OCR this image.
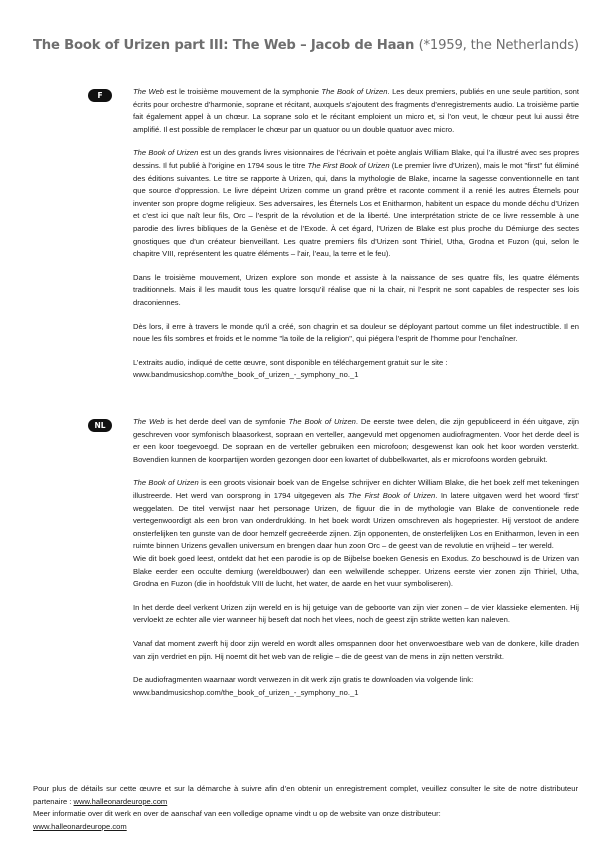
The Book of Urizen part III: The Web – Jacob de Haan (*1959, the Netherlands)
F	The Web est le troisième mouvement de la symphonie The Book of Urizen. Les deux premiers, publiés en une seule partition, sont écrits pour orchestre d’harmonie, soprane et récitant, auxquels s’ajoutent des fragments d’enregistrements audio. La troisième partie fait également appel à un chœur. La soprane solo et le récitant emploient un micro et, si l’on veut, le chœur peut lui aussi être amplifié. Il est possible de remplacer le chœur par un quatuor ou un double quatuor avec micro.

The Book of Urizen est un des grands livres visionnaires de l’écrivain et poète anglais William Blake, qui l’a illustré avec ses propres dessins. Il fut publié à l’origine en 1794 sous le titre The First Book of Urizen (Le premier livre d’Urizen), mais le mot "first" fut éliminé des éditions suivantes. Le titre se rapporte à Urizen, qui, dans la mythologie de Blake, incarne la sagesse conventionnelle en tant que source d’oppression. Le livre dépeint Urizen comme un grand prêtre et raconte comment il a renié les autres Éternels pour inventer son propre dogme religieux. Ses adversaires, les Éternels Los et Enitharmon, habitent un espace du monde déchu d’Urizen et c’est ici que naît leur fils, Orc – l’esprit de la révolution et de la liberté. Une interprétation stricte de ce livre ressemble à une parodie des livres bibliques de la Genèse et de l’Exode. À cet égard, l’Urizen de Blake est plus proche du Démiurge des sectes gnostiques que d’un créateur bienveillant. Les quatre premiers fils d’Urizen sont Thiriel, Utha, Grodna et Fuzon (qui, selon le chapitre VIII, représentent les quatre éléments – l’air, l’eau, la terre et le feu).

Dans le troisième mouvement, Urizen explore son monde et assiste à la naissance de ses quatre fils, les quatre éléments traditionnels. Mais il les maudit tous les quatre lorsqu’il réalise que ni la chair, ni l’esprit ne sont capables de respecter ses lois draconiennes.

Dès lors, il erre à travers le monde qu’il a créé, son chagrin et sa douleur se déployant partout comme un filet indestructible. Il en noue les fils sombres et froids et le nomme "la toile de la religion", qui piégera l’esprit de l’homme pour l’enchaîner.

L’extraits audio, indiqué de cette œuvre, sont disponible en téléchargement gratuit sur le site :
www.bandmusicshop.com/the_book_of_urizen_-_symphony_no._1

NL	The Web is het derde deel van de symfonie The Book of Urizen. De eerste twee delen, die zijn gepubliceerd in één uitgave, zijn geschreven voor symfonisch blaasorkest, sopraan en verteller, aangevuld met opgenomen audiofragmenten. Voor het derde deel is er een koor toegevoegd. De sopraan en de verteller gebruiken een microfoon; desgewenst kan ook het koor worden versterkt. Bovendien kunnen de koorpartijen worden gezongen door een kwartet of dubbelkwartet, als er microfoons worden gebruikt.

The Book of Urizen is een groots visionair boek van de Engelse schrijver en dichter William Blake, die het boek zelf met tekeningen illustreerde. Het werd van oorsprong in 1794 uitgegeven als The First Book of Urizen. In latere uitgaven werd het woord ‘first’ weggelaten. De titel verwijst naar het personage Urizen, de figuur die in de mythologie van Blake de conventionele rede vertegenwoordigt als een bron van onderdrukking. In het boek wordt Urizen omschreven als hogepriester. Hij verstoot de andere onsterfelijken ten gunste van de door hemzelf gecreëerde zijnen. Zijn opponenten, de onsterfelijken Los en Enitharmon, leven in een ruimte binnen Urizens gevallen universum en brengen daar hun zoon Orc – de geest van de revolutie en vrijheid – ter wereld.

Wie dit boek goed leest, ontdekt dat het een parodie is op de Bijbelse boeken Genesis en Exodus. Zo beschouwd is de Urizen van Blake eerder een occulte demiurg (wereldbouwer) dan een welwillende schepper. Urizens eerste vier zonen zijn Thiriel, Utha, Grodna en Fuzon (die in hoofdstuk VIII de lucht, het water, de aarde en het vuur symboliseren).

In het derde deel verkent Urizen zijn wereld en is hij getuige van de geboorte van zijn vier zonen – de vier klassieke elementen. Hij vervloekt ze echter alle vier wanneer hij beseft dat noch het vlees, noch de geest zijn strikte wetten kan naleven.

Vanaf dat moment zwerft hij door zijn wereld en wordt alles omspannen door het onverwoestbare web van de donkere, kille draden van zijn verdriet en pijn. Hij noemt dit het web van de religie – die de geest van de mens in zijn netten verstrikt.

De audiofragmenten waarnaar wordt verwezen in dit werk zijn gratis te downloaden via volgende link:
www.bandmusicshop.com/the_book_of_urizen_-_symphony_no._1

Pour plus de détails sur cette œuvre et sur la démarche à suivre afin d’en obtenir un enregistrement complet, veuillez consulter le site de notre distributeur partenaire : www.halleonardeurope.com

Meer informatie over dit werk en over de aanschaf van een volledige opname vindt u op de website van onze distributeur:
www.halleonardeurope.com
